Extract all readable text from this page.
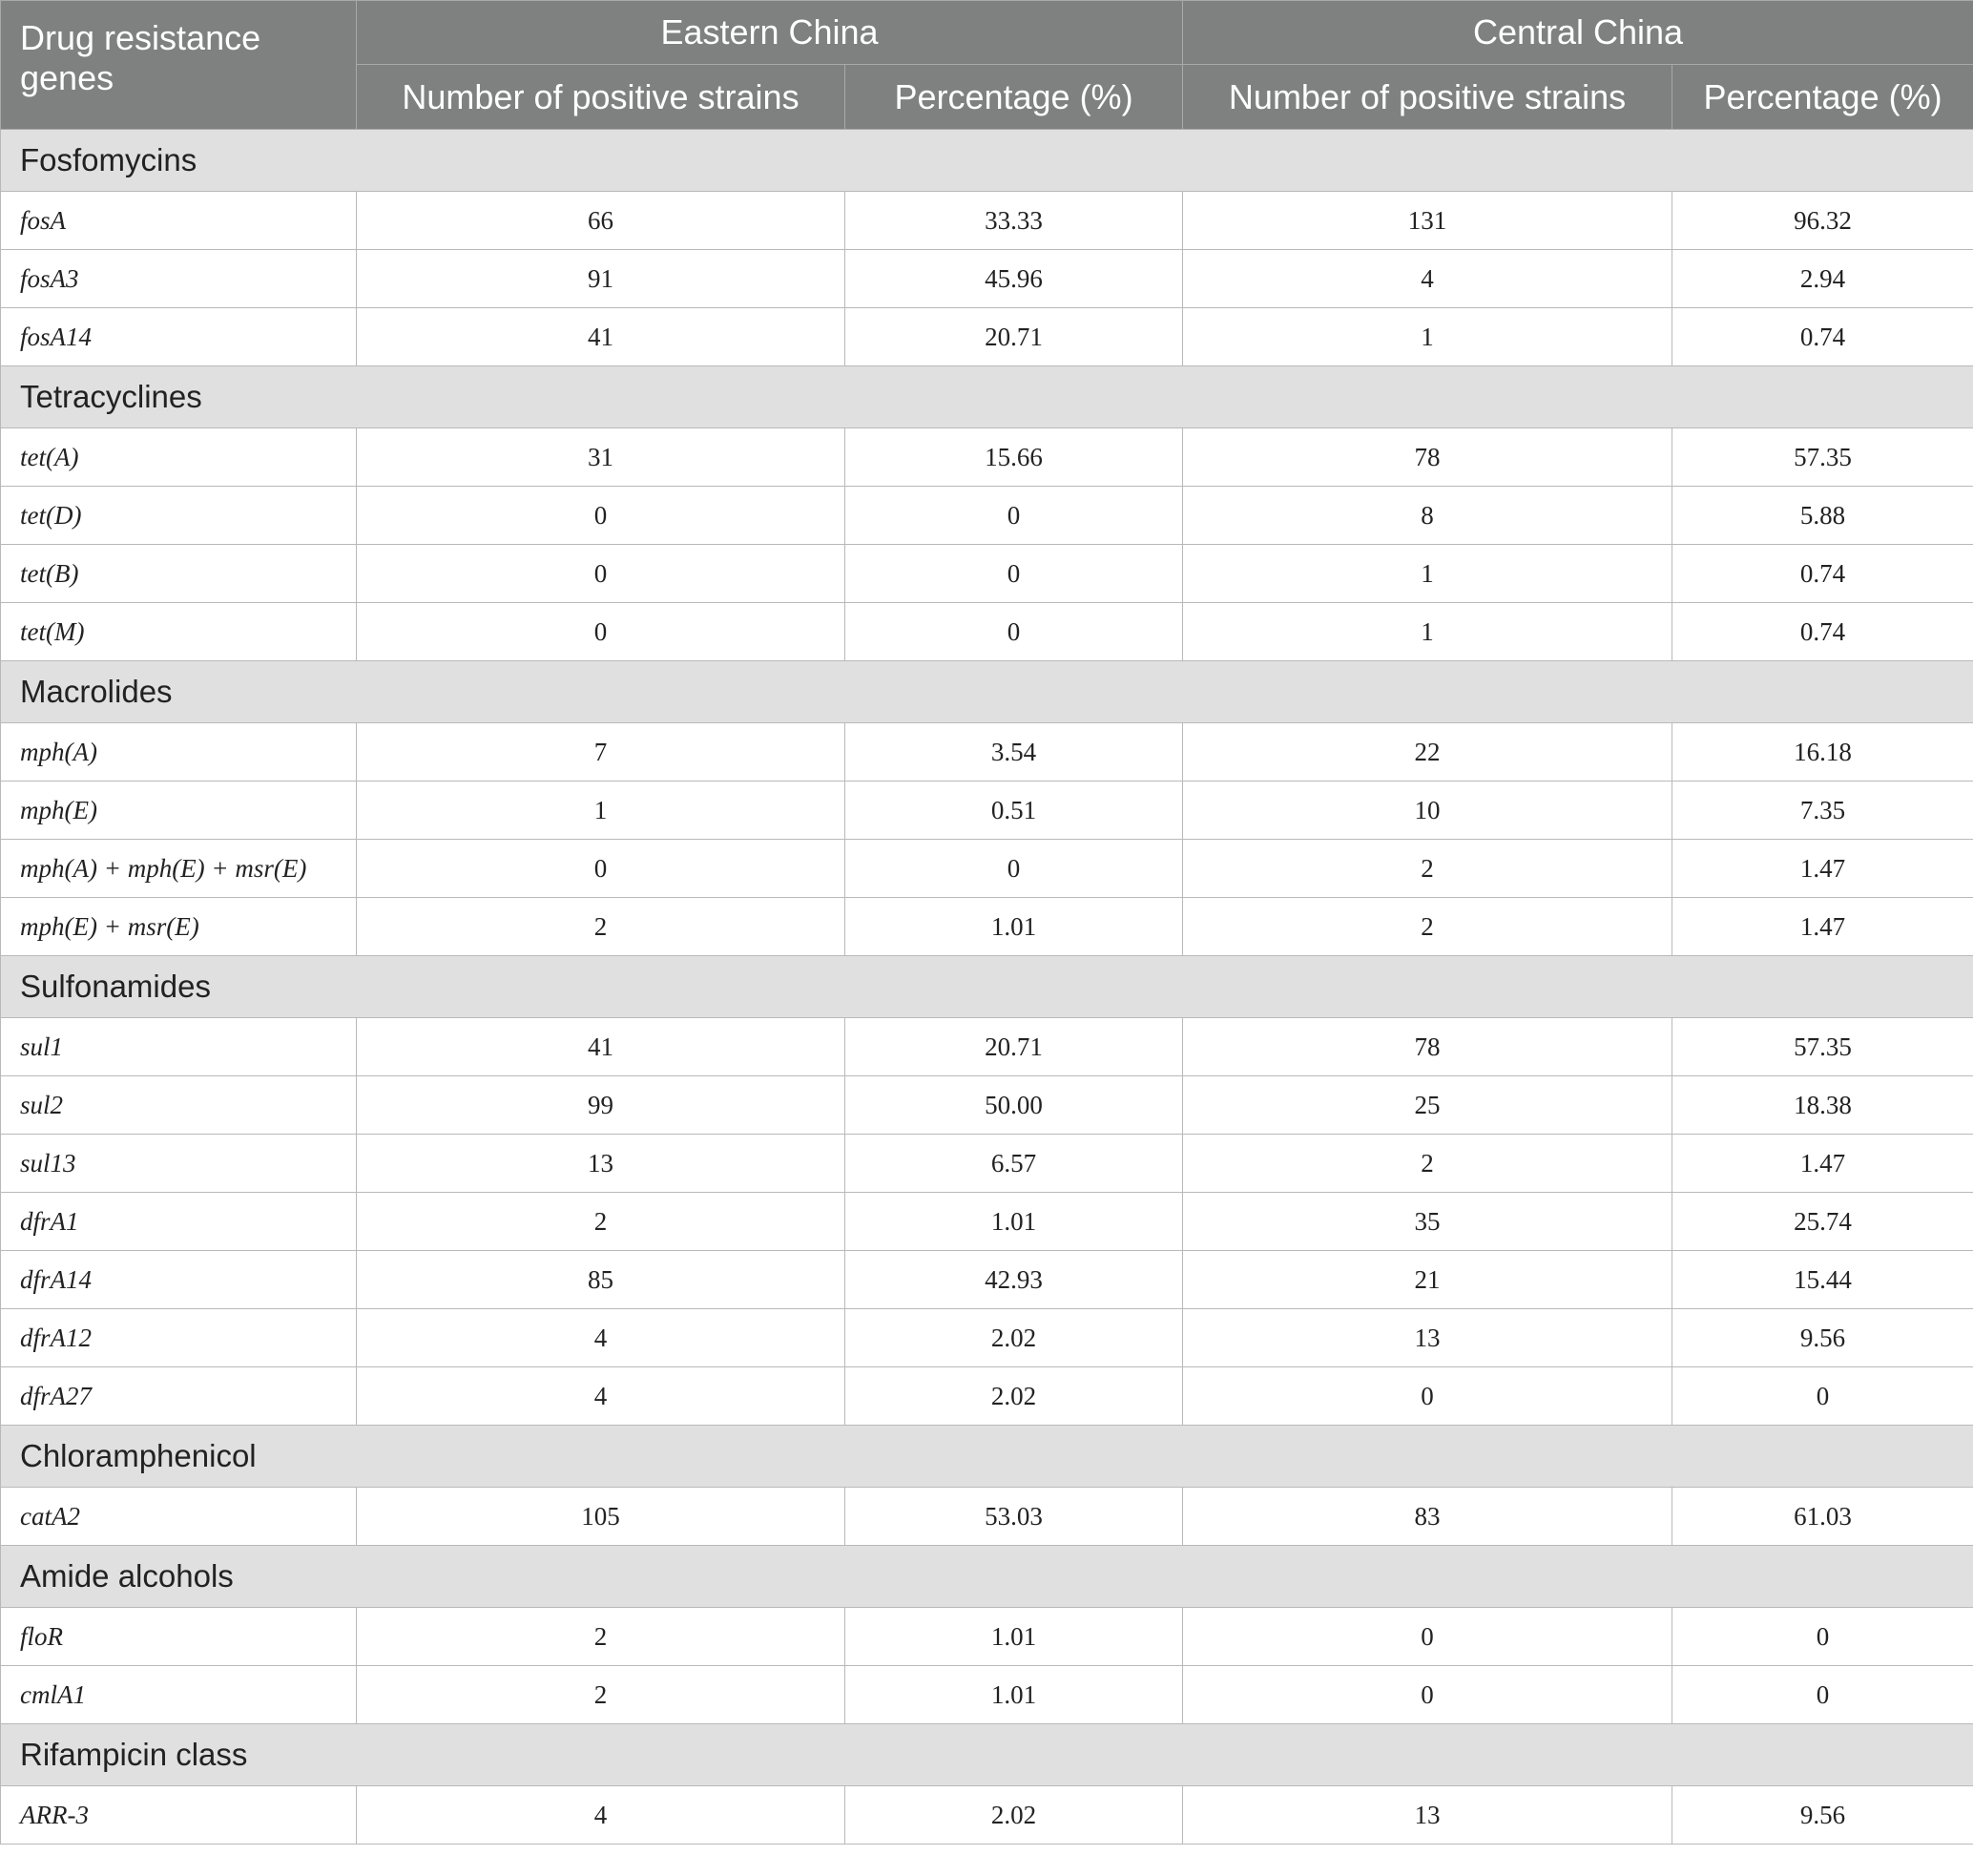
Drug resistance genes	Eastern China		Central China	
	Number of positive strains	Percentage (%)	Number of positive strains	Percentage (%)
Fosfomycins				
fosA	66	33.33	131	96.32
fosA3	91	45.96	4	2.94
fosA14	41	20.71	1	0.74
Tetracyclines				
tet(A)	31	15.66	78	57.35
tet(D)	0	0	8	5.88
tet(B)	0	0	1	0.74
tet(M)	0	0	1	0.74
Macrolides				
mph(A)	7	3.54	22	16.18
mph(E)	1	0.51	10	7.35
mph(A) + mph(E) + msr(E)	0	0	2	1.47
mph(E) + msr(E)	2	1.01	2	1.47
Sulfonamides				
sul1	41	20.71	78	57.35
sul2	99	50.00	25	18.38
sul13	13	6.57	2	1.47
dfrA1	2	1.01	35	25.74
dfrA14	85	42.93	21	15.44
dfrA12	4	2.02	13	9.56
dfrA27	4	2.02	0	0
Chloramphenicol				
catA2	105	53.03	83	61.03
Amide alcohols				
floR	2	1.01	0	0
cmlA1	2	1.01	0	0
Rifampicin class				
ARR-3	4	2.02	13	9.56
